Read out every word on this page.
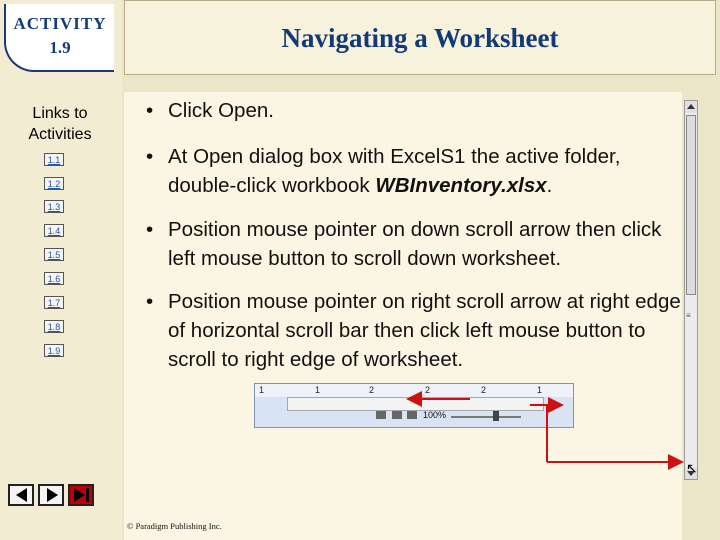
ACTIVITY
1.9
Links to Activities
1.1
1.2
1.3
1.4
1.5
1.6
1.7
1.8
1.9
Navigating a Worksheet
• Click Open.
• At Open dialog box with ExcelS1 the active folder, double-click workbook WBInventory.xlsx.
• Position mouse pointer on down scroll arrow then click left mouse button to scroll down worksheet.
• Position mouse pointer on right scroll arrow at right edge of horizontal scroll bar then click left mouse button to scroll to right edge of worksheet.
≡
1	1	2	2	2	1

100%
↖
© Paradigm Publishing Inc.
